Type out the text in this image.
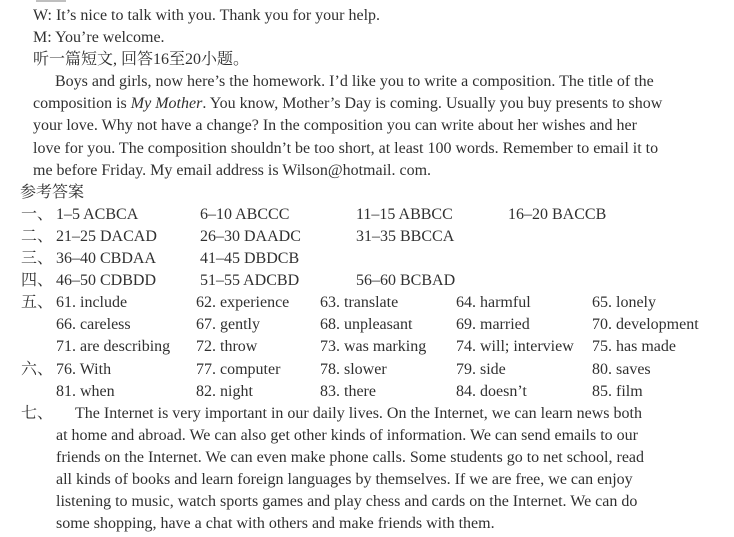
W: It’s nice to talk with you. Thank you for your help.
M: You’re welcome.
听一篇短文, 回答16至20小题。
Boys and girls, now here’s the homework. I’d like you to write a composition. The title of the
composition is My Mother. You know, Mother’s Day is coming. Usually you buy presents to show
your love. Why not have a change? In the composition you can write about her wishes and her
love for you. The composition shouldn’t be too short, at least 100 words. Remember to email it to
me before Friday. My email address is Wilson@hotmail. com.
参考答案
一、 1–5 ACBCA	6–10 ABCCC	11–15 ABBCC	16–20 BACCB
二、 21–25 DACAD	26–30 DAADC	31–35 BBCCA
三、 36–40 CBDAA	41–45 DBDCB
四、 46–50 CDBDD	51–55 ADCBD	56–60 BCBAD
五、 61. include	62. experience	63. translate	64. harmful	65. lonely
66. careless	67. gently	68. unpleasant	69. married	70. development
71. are describing	72. throw	73. was marking	74. will; interview	75. has made
六、 76. With	77. computer	78. slower	79. side	80. saves
81. when	82. night	83. there	84. doesn’t	85. film
七、	The Internet is very important in our daily lives. On the Internet, we can learn news both
at home and abroad. We can also get other kinds of information. We can send emails to our
friends on the Internet. We can even make phone calls. Some students go to net school, read
all kinds of books and learn foreign languages by themselves. If we are free, we can enjoy
listening to music, watch sports games and play chess and cards on the Internet. We can do
some shopping, have a chat with others and make friends with them.
